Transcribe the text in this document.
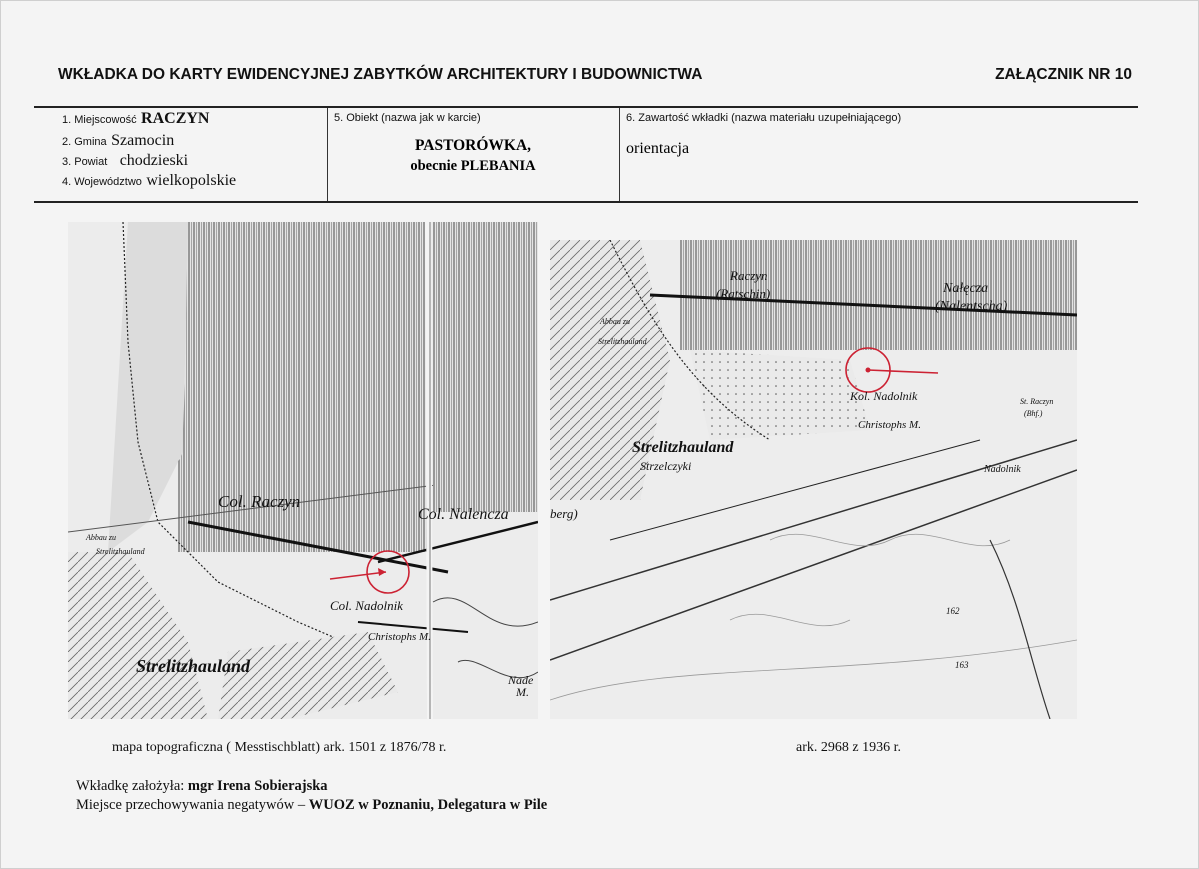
WKŁADKA DO KARTY EWIDENCYJNEJ ZABYTKÓW ARCHITEKTURY I BUDOWNICTWA	ZAŁĄCZNIK NR 10
1. Miejscowość RACZYN
2. Gmina Szamocin
3. Powiat chodzieski
4. Województwo wielkopolskie
5. Obiekt (nazwa jak w karcie)
PASTORÓWKA,
obecnie PLEBANIA
6. Zawartość wkładki (nazwa materiału uzupełniającego)
orientacja
Col. Raczyn
Col. Nalencza
Col. Nadolnik
Christophs M.
Strelitzhauland
Abbau zu
Strelitzhauland
Nade
M.
Raczyn
(Ratschin)	Nałęcza
(Nalentscha)
Kol. Nadolnik
Christophs M.
Strelitzhauland
Strzelczyki
Abbau zu
Strelitzhauland
Nadolnik
St. Raczyn
(Bhf.)
berg)
162
163
mapa topograficzna ( Messtischblatt) ark. 1501 z 1876/78 r.	ark. 2968 z 1936 r.
Wkładkę założyła: mgr Irena Sobierajska
Miejsce przechowywania negatywów – WUOZ w Poznaniu, Delegatura w Pile
